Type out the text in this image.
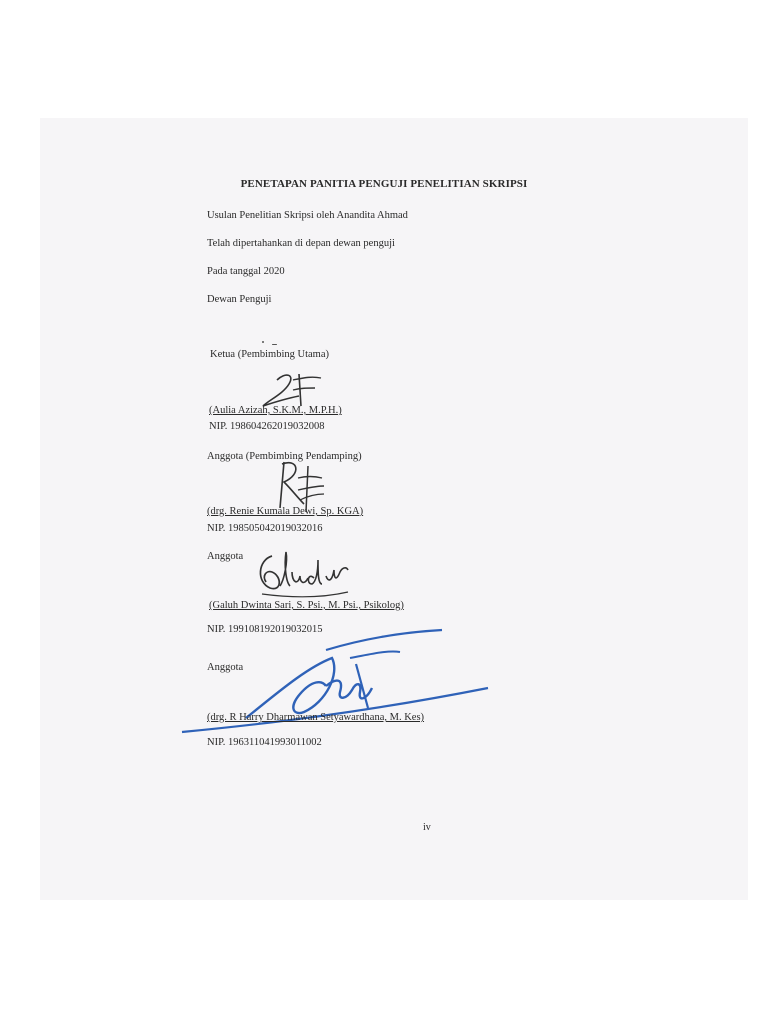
PENETAPAN PANITIA PENGUJI PENELITIAN SKRIPSI
Usulan Penelitian Skripsi oleh Anandita Ahmad
Telah dipertahankan di depan dewan penguji
Pada tanggal 2020
Dewan Penguji
Ketua (Pembimbing Utama)
(Aulia Azizah, S.K.M., M.P.H.)
NIP. 198604262019032008
Anggota (Pembimbing Pendamping)
(drg. Renie Kumala Dewi, Sp. KGA)
NIP. 198505042019032016
Anggota
(Galuh Dwinta Sari, S. Psi., M. Psi., Psikolog)
NIP. 199108192019032015
Anggota
(drg. R Harry Dharmawan Setyawardhana, M. Kes)
NIP. 196311041993011002
iv
